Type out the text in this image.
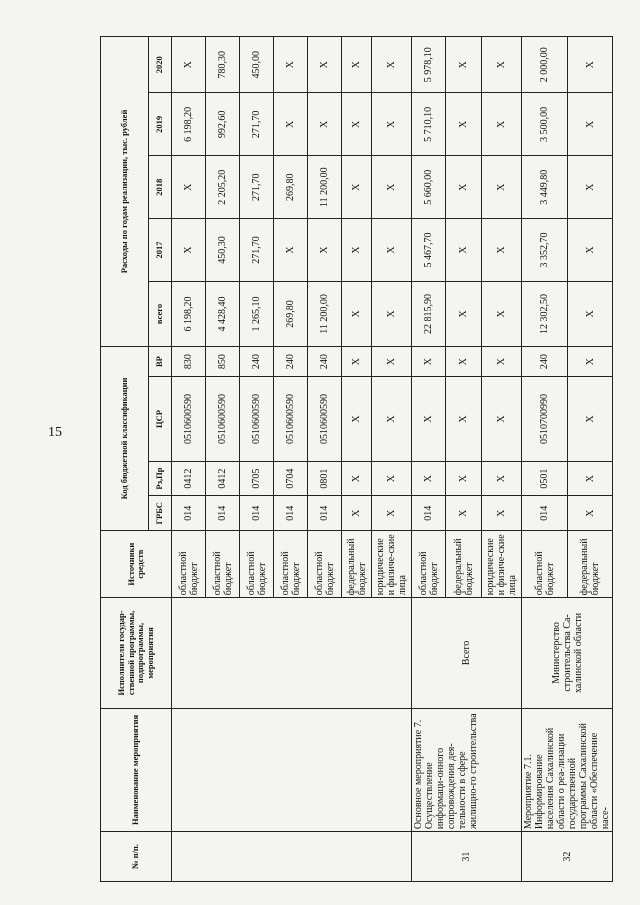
15
№ п/п.	Наименование мероприятия	Исполнители государ-ственной программы, подпрограммы, мероприятия	Источники средств	Код бюджетной классификации				Расходы по годам реализации, тыс. рублей				
				ГРБС	Рз,Пр	ЦСР	ВР	всего	2017	2018	2019	2020
			областной бюджет	014	0412	0510600590	830	6 198,20	X	X	6 198,20	X
			областной бюджет	014	0412	0510600590	850	4 428,40	450,30	2 205,20	992,60	780,30
			областной бюджет	014	0705	0510600590	240	1 265,10	271,70	271,70	271,70	450,00
			областной бюджет	014	0704	0510600590	240	269,80	X	269,80	X	X
			областной бюджет	014	0801	0510600590	240	11 200,00	X	11 200,00	X	X
			федеральный бюджет	X	X	X	X	X	X	X	X	X
			юридические и физиче-ские лица	X	X	X	X	X	X	X	X	X
31	Основное мероприятие 7. Осуществление информаци-онного сопровождения дея-тельности в сфере жилищно-го строительства	Всего	областной бюджет	014	X	X	X	22 815,90	5 467,70	5 660,00	5 710,10	5 978,10
			федеральный бюджет	X	X	X	X	X	X	X	X	X
			юридические и физиче-ские лица	X	X	X	X	X	X	X	X	X
32	Мероприятие 7.1. Информирование населения Сахалинской области о реа-лизации государственной программы Сахалинской области «Обеспечение насе-	Министерство строительства Са-халинской области	областной бюджет	014	0501	0510700990	240	12 302,50	3 352,70	3 449,80	3 500,00	2 000,00
			федеральный бюджет	X	X	X	X	X	X	X	X	X
